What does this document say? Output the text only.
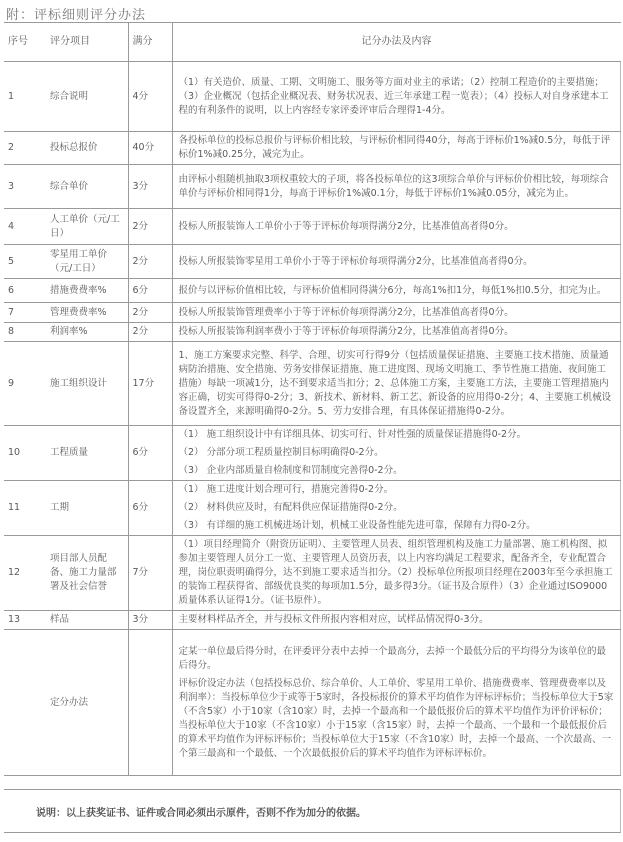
附：评标细则评分办法
序号	评分项目	满分	记分办法及内容
1	综合说明	4分	（1）有关造价、质量、工期、文明施工、服务等方面对业主的承诺；（2）控制工程造价的主要措施；（3）企业概况（包括企业概况表、财务状况表、近三年承建工程一览表）；（4）投标人对自身承建本工程的有利条件的说明，以上内容经专家评委评审后合理得1-4分。

2	投标总报价	40分	各投标单位的投标总报价与评标价相比较，与评标价相同得40分，每高于评标价1%减0.5分，每低于评标价1%减0.25分，减完为止。

3	综合单价	3分	由评标小组随机抽取3项权重较大的子项，将各投标单位的这3项综合单价与评标价价相比较，每项综合单价与评标价相同得1分，每高于评标价1%减0.1分，每低于评标价1%减0.05分，减完为止。

4	人工单价（元/工日）	2分	投标人所报装饰人工单价小于等于评标价每项得满分2分，比基准值高者得0分。

5	零星用工单价（元/工日）	2分	投标人所报装饰零星用工单价小于等于评标价每项得满分2分，比基准值高者得0分。

6	措施费费率%	6分	报价与以评标价值相比较，与评标价值相同得满分6分，每高1%扣1分，每低1%扣0.5分，扣完为止。

7	管理费费率%	2分	投标人所报装饰管理费率小于等于评标价每项得满分2分，比基准值高者得0分。

8	利润率%	2分	投标人所报装饰利润率费小于等于评标价每项得满分2分，比基准值高者得0分。

9	施工组织设计	17分	1、施工方案要求完整、科学、合理、切实可行得9分（包括质量保证措施、主要施工技术措施、质量通病防治措施、安全措施、劳务安排保证措施、施工进度图、现场文明施工、季节性施工措施、夜间施工措施）每缺一项减1分，达不到要求适当扣分；2、总体施工方案，主要施工方法，主要施工管理措施内容正确，切实可得得0-2分；3、新技术、新材料、新工艺、新设备的应用得0-2分；4、主要施工机械设备设置齐全，来源明确得0-2分。5、劳力安排合理，有具体保证措施得0-2分。

10	工程质量	6分	（1） 施工组织设计中有详细具体、切实可行、针对性强的质量保证措施得0-2分。
（2） 分部分项工程质量控制目标明确得0-2分。
（3） 企业内部质量自检制度和罚制度完善得0-2分。

11	工期	6分	（1） 施工进度计划合理可行，措施完善得0-2分。
（2） 材料供应及时，有配料供应保证措施得0-2分。
（3） 有详细的施工机械进场计划，机械工业设备性能先进可靠，保障有力得0-2分。

12	项目部人员配备、施工力量部署及社会信誉	7分	（1）项目经理简介（附资历证明）、主要管理人员表、组织管理机构及施工力量部署、施工机构图、拟参加主要管理人员分工一览、主要管理人员资历表，以上内容均满足工程要求，配备齐全，专业配置合理，岗位职责明确得分，达不到施工要求适当扣分。（2）投标单位所报项目经理在2003年至今承担施工的装饰工程获得省、部级优良奖的每项加1.5分，最多得3分。（证书及合原件）（3）企业通过ISO9000质量体系认证得1分。（证书原件）。

13	样品	3分	主要材料样品齐全，并与投标文件所报内容相对应，试样品情况得0-3分。

	定分办法		定某一单位最后得分时，在评委评分表中去掉一个最高分，去掉一个最低分后的平均得分为该单位的最后得分。
评标价设定办法（包括投标总价、综合单价、人工单价、零星用工单价、措施费费率、管理费费率以及利润率）：当投标单位少于或等于5家时，各投标报价的算术平均值作为评标评标价；当投标单位大于5家（不含5家）小于10家（含10家）时，去掉一个最高和一个最低报价后的算术平均值作为评价评标价；当投标单位大于10家（不含10家）小于15家（含15家）时，去掉一个最高、一个最和一个最低报价后的算术平均值作为评标评标价；当投标单位大于15家（不含10家）时，去掉一个最高、一个次最高、一个第三最高和一个最低、一个次最低报价后的算术平均值作为评标评标价。
说明：以上获奖证书、证件或合同必须出示原件，否则不作为加分的依据。
